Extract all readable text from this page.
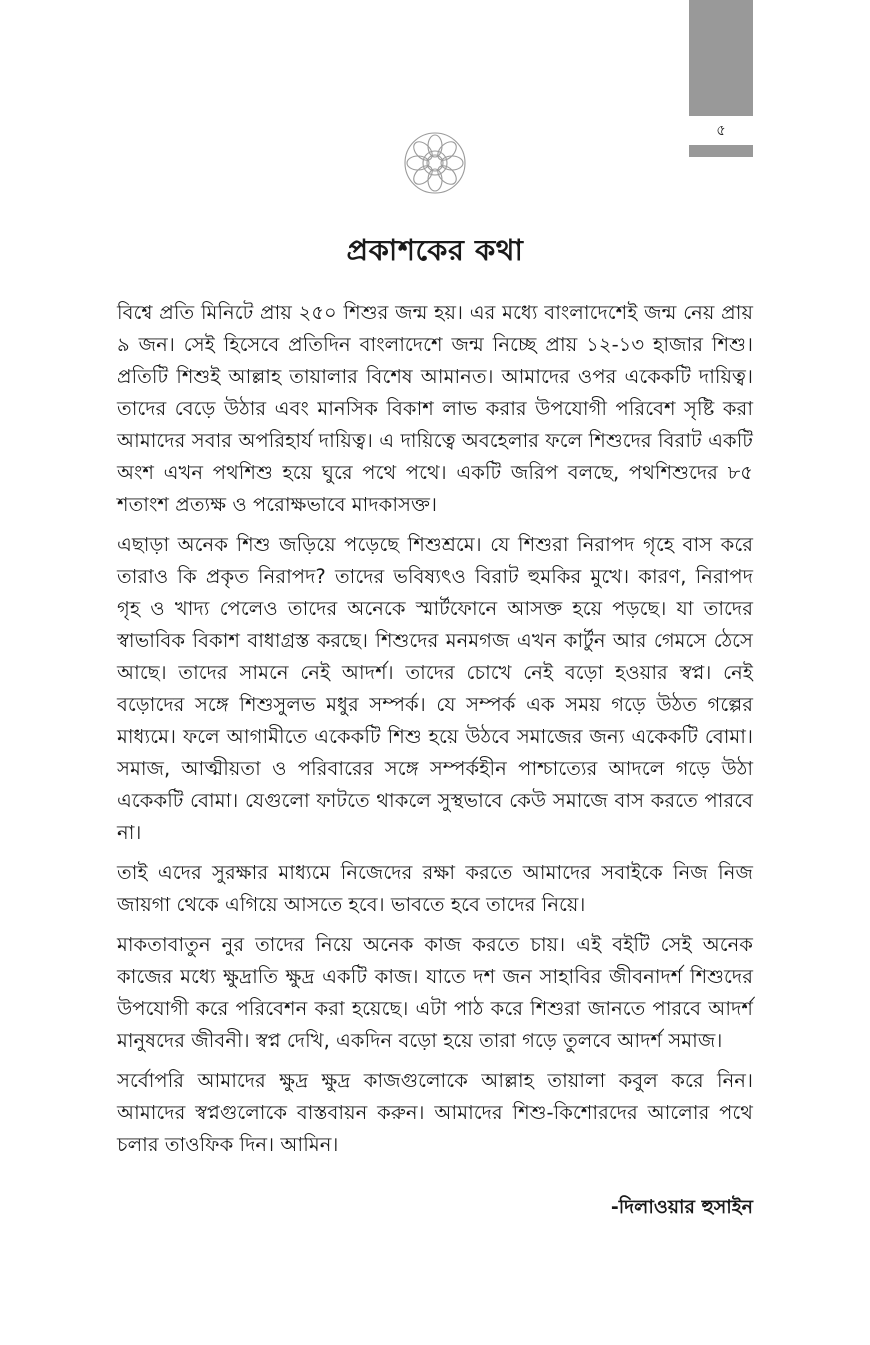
৫
প্রকাশকের কথা

বিশ্বে প্রতি মিনিটে প্রায় ২৫০ শিশুর জন্ম হয়। এর মধ্যে বাংলাদেশেই জন্ম নেয় প্রায় ৯ জন। সেই হিসেবে প্রতিদিন বাংলাদেশে জন্ম নিচ্ছে প্রায় ১২-১৩ হাজার শিশু। প্রতিটি শিশুই আল্লাহ তায়ালার বিশেষ আমানত। আমাদের ওপর একেকটি দায়িত্ব। তাদের বেড়ে উঠার এবং মানসিক বিকাশ লাভ করার উপযোগী পরিবেশ সৃষ্টি করা আমাদের সবার অপরিহার্য দায়িত্ব। এ দায়িত্বে অবহেলার ফলে শিশুদের বিরাট একটি অংশ এখন পথশিশু হয়ে ঘুরে পথে পথে। একটি জরিপ বলছে, পথশিশুদের ৮৫ শতাংশ প্রত্যক্ষ ও পরোক্ষভাবে মাদকাসক্ত।

এছাড়া অনেক শিশু জড়িয়ে পড়েছে শিশুশ্রমে। যে শিশুরা নিরাপদ গৃহে বাস করে তারাও কি প্রকৃত নিরাপদ? তাদের ভবিষ্যৎও বিরাট হুমকির মুখে। কারণ, নিরাপদ গৃহ ও খাদ্য পেলেও তাদের অনেকে স্মার্টফোনে আসক্ত হয়ে পড়ছে। যা তাদের স্বাভাবিক বিকাশ বাধাগ্রস্ত করছে। শিশুদের মনমগজ এখন কার্টুন আর গেমসে ঠেসে আছে। তাদের সামনে নেই আদর্শ। তাদের চোখে নেই বড়ো হওয়ার স্বপ্ন। নেই বড়োদের সঙ্গে শিশুসুলভ মধুর সম্পর্ক। যে সম্পর্ক এক সময় গড়ে উঠত গল্পের মাধ্যমে। ফলে আগামীতে একেকটি শিশু হয়ে উঠবে সমাজের জন্য একেকটি বোমা। সমাজ, আত্মীয়তা ও পরিবারের সঙ্গে সম্পর্কহীন পাশ্চাত্যের আদলে গড়ে উঠা একেকটি বোমা। যেগুলো ফাটতে থাকলে সুস্থভাবে কেউ সমাজে বাস করতে পারবে না।

তাই এদের সুরক্ষার মাধ্যমে নিজেদের রক্ষা করতে আমাদের সবাইকে নিজ নিজ জায়গা থেকে এগিয়ে আসতে হবে। ভাবতে হবে তাদের নিয়ে।

মাকতাবাতুন নুর তাদের নিয়ে অনেক কাজ করতে চায়। এই বইটি সেই অনেক কাজের মধ্যে ক্ষুদ্রাতি ক্ষুদ্র একটি কাজ। যাতে দশ জন সাহাবির জীবনাদর্শ শিশুদের উপযোগী করে পরিবেশন করা হয়েছে। এটা পাঠ করে শিশুরা জানতে পারবে আদর্শ মানুষদের জীবনী। স্বপ্ন দেখি, একদিন বড়ো হয়ে তারা গড়ে তুলবে আদর্শ সমাজ।

সর্বোপরি আমাদের ক্ষুদ্র ক্ষুদ্র কাজগুলোকে আল্লাহ তায়ালা কবুল করে নিন। আমাদের স্বপ্নগুলোকে বাস্তবায়ন করুন। আমাদের শিশু-কিশোরদের আলোর পথে চলার তাওফিক দিন। আমিন।

-দিলাওয়ার হুসাইন
